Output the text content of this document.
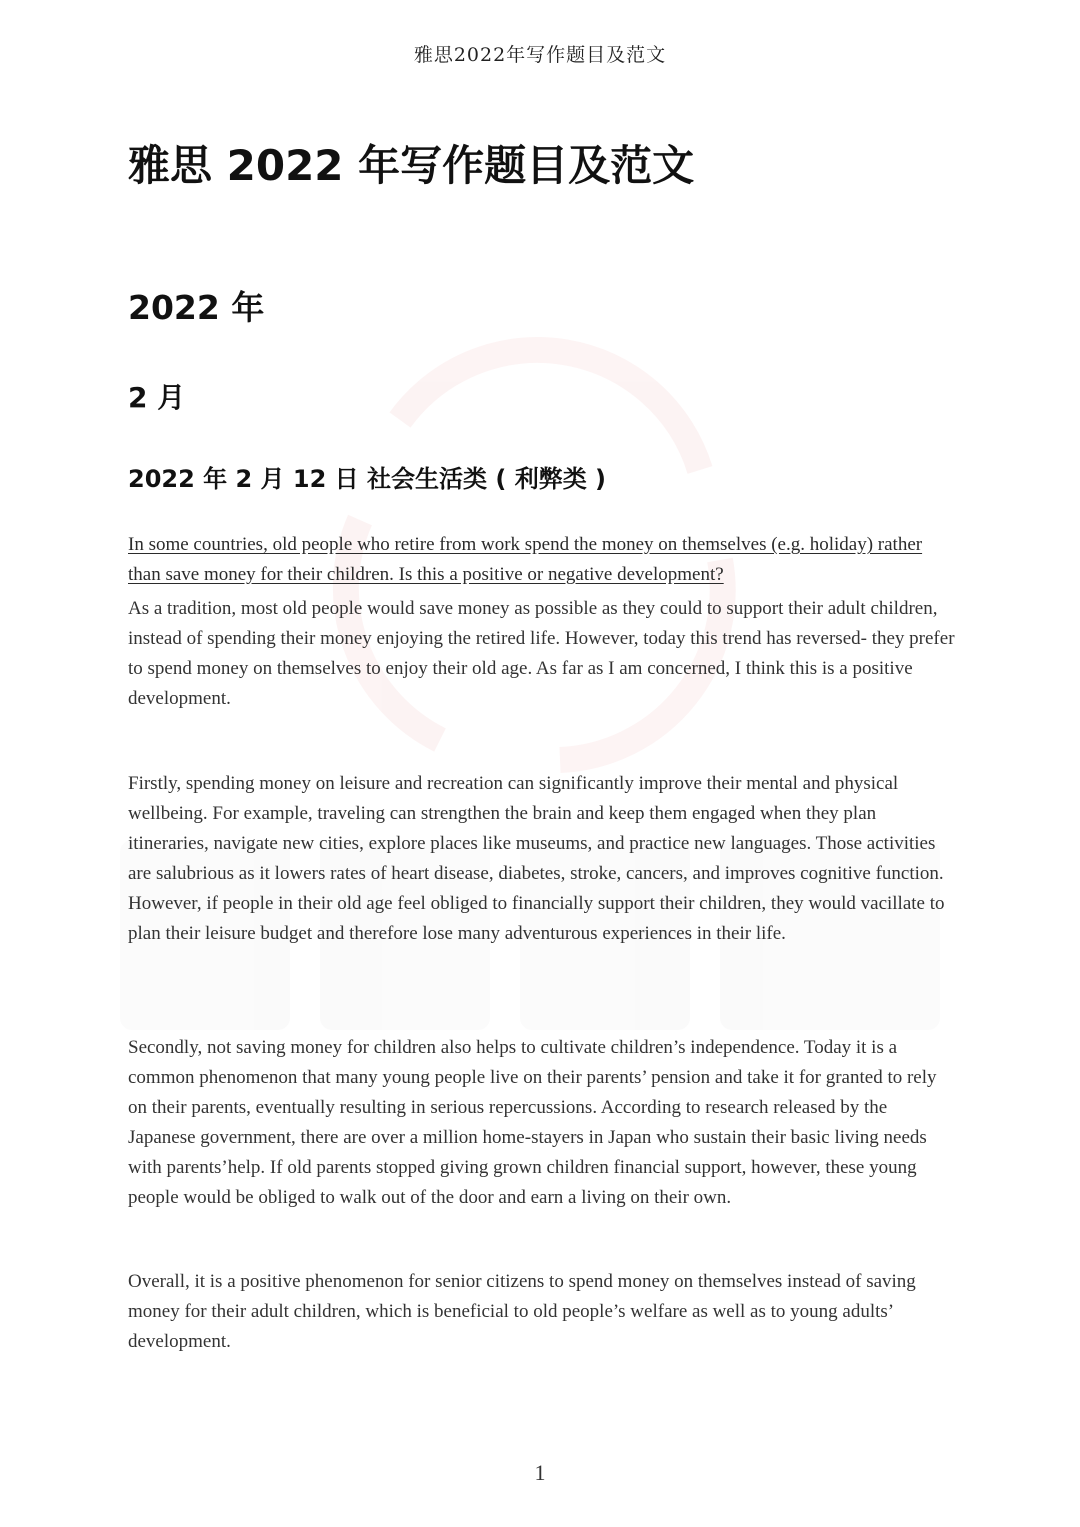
雅思2022年写作题目及范文
雅思 2022 年写作题目及范文
2022 年
2 月
2022 年 2 月 12 日 社会生活类 ( 利弊类 )

In some countries, old people who retire from work spend the money on themselves (e.g. holiday) rather than save money for their children. Is this a positive or negative development?

As a tradition, most old people would save money as possible as they could to support their adult children, instead of spending their money enjoying the retired life. However, today this trend has reversed- they prefer to spend money on themselves to enjoy their old age. As far as I am concerned, I think this is a positive development.

Firstly, spending money on leisure and recreation can significantly improve their mental and physical wellbeing. For example, traveling can strengthen the brain and keep them engaged when they plan itineraries, navigate new cities, explore places like museums, and practice new languages. Those activities are salubrious as it lowers rates of heart disease, diabetes, stroke, cancers, and improves cognitive function. However, if people in their old age feel obliged to financially support their children, they would vacillate to plan their leisure budget and therefore lose many adventurous experiences in their life.

Secondly, not saving money for children also helps to cultivate children’s independence. Today it is a common phenomenon that many young people live on their parents’ pension and take it for granted to rely on their parents, eventually resulting in serious repercussions. According to research released by the Japanese government, there are over a million home-stayers in Japan who sustain their basic living needs with parents’help. If old parents stopped giving grown children financial support, however, these young people would be obliged to walk out of the door and earn a living on their own.

Overall, it is a positive phenomenon for senior citizens to spend money on themselves instead of saving money for their adult children, which is beneficial to old people’s welfare as well as to young adults’ development.

1
